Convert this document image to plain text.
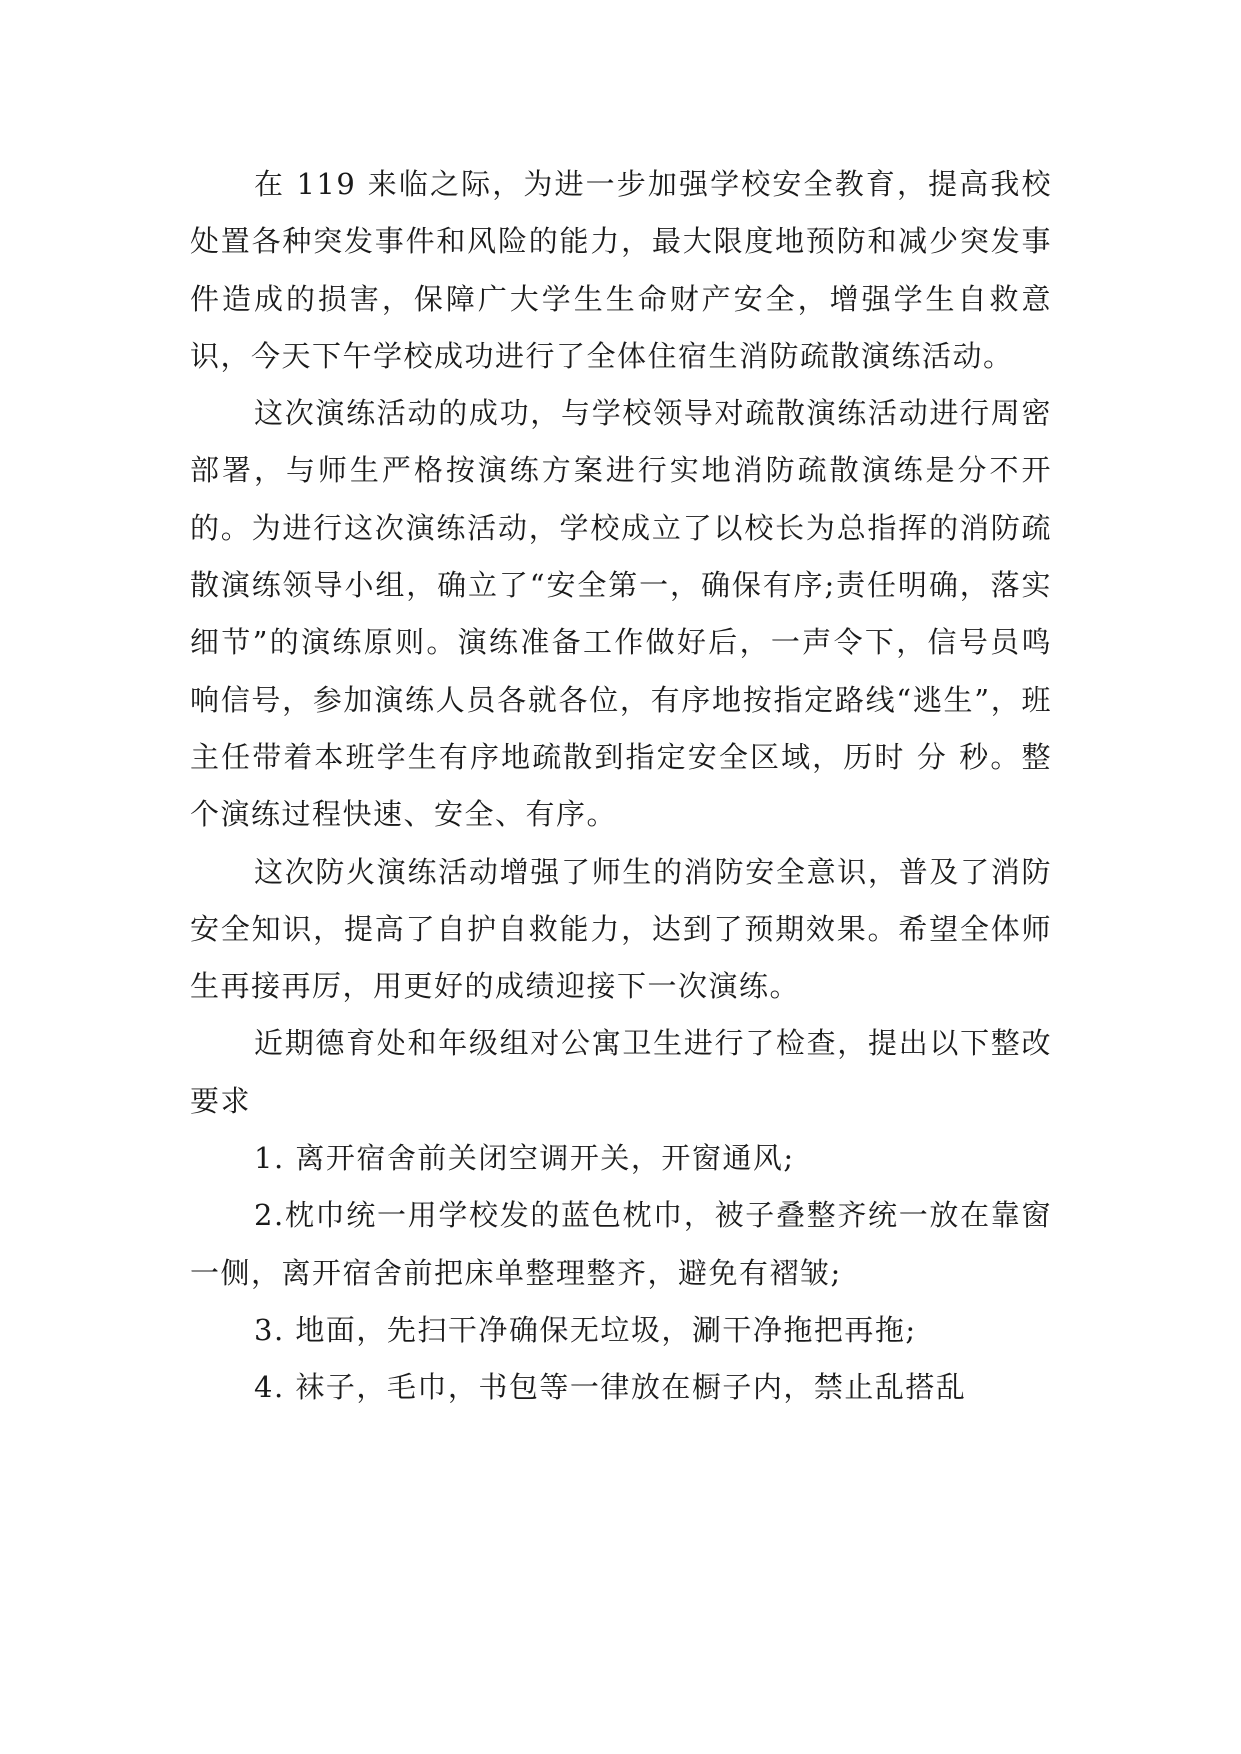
在 119 来临之际，为进一步加强学校安全教育，提高我校处置各种突发事件和风险的能力，最大限度地预防和减少突发事件造成的损害，保障广大学生生命财产安全，增强学生自救意识，今天下午学校成功进行了全体住宿生消防疏散演练活动。

这次演练活动的成功，与学校领导对疏散演练活动进行周密部署，与师生严格按演练方案进行实地消防疏散演练是分不开的。为进行这次演练活动，学校成立了以校长为总指挥的消防疏散演练领导小组，确立了“安全第一，确保有序;责任明确，落实细节”的演练原则。演练准备工作做好后，一声令下，信号员鸣响信号，参加演练人员各就各位，有序地按指定路线“逃生”，班主任带着本班学生有序地疏散到指定安全区域，历时 分 秒。整个演练过程快速、安全、有序。

这次防火演练活动增强了师生的消防安全意识，普及了消防安全知识，提高了自护自救能力，达到了预期效果。希望全体师生再接再厉，用更好的成绩迎接下一次演练。

近期德育处和年级组对公寓卫生进行了检查，提出以下整改要求

1. 离开宿舍前关闭空调开关，开窗通风;

2.枕巾统一用学校发的蓝色枕巾，被子叠整齐统一放在靠窗一侧，离开宿舍前把床单整理整齐，避免有褶皱;

3. 地面，先扫干净确保无垃圾，涮干净拖把再拖;

4. 袜子，毛巾，书包等一律放在橱子内，禁止乱搭乱
